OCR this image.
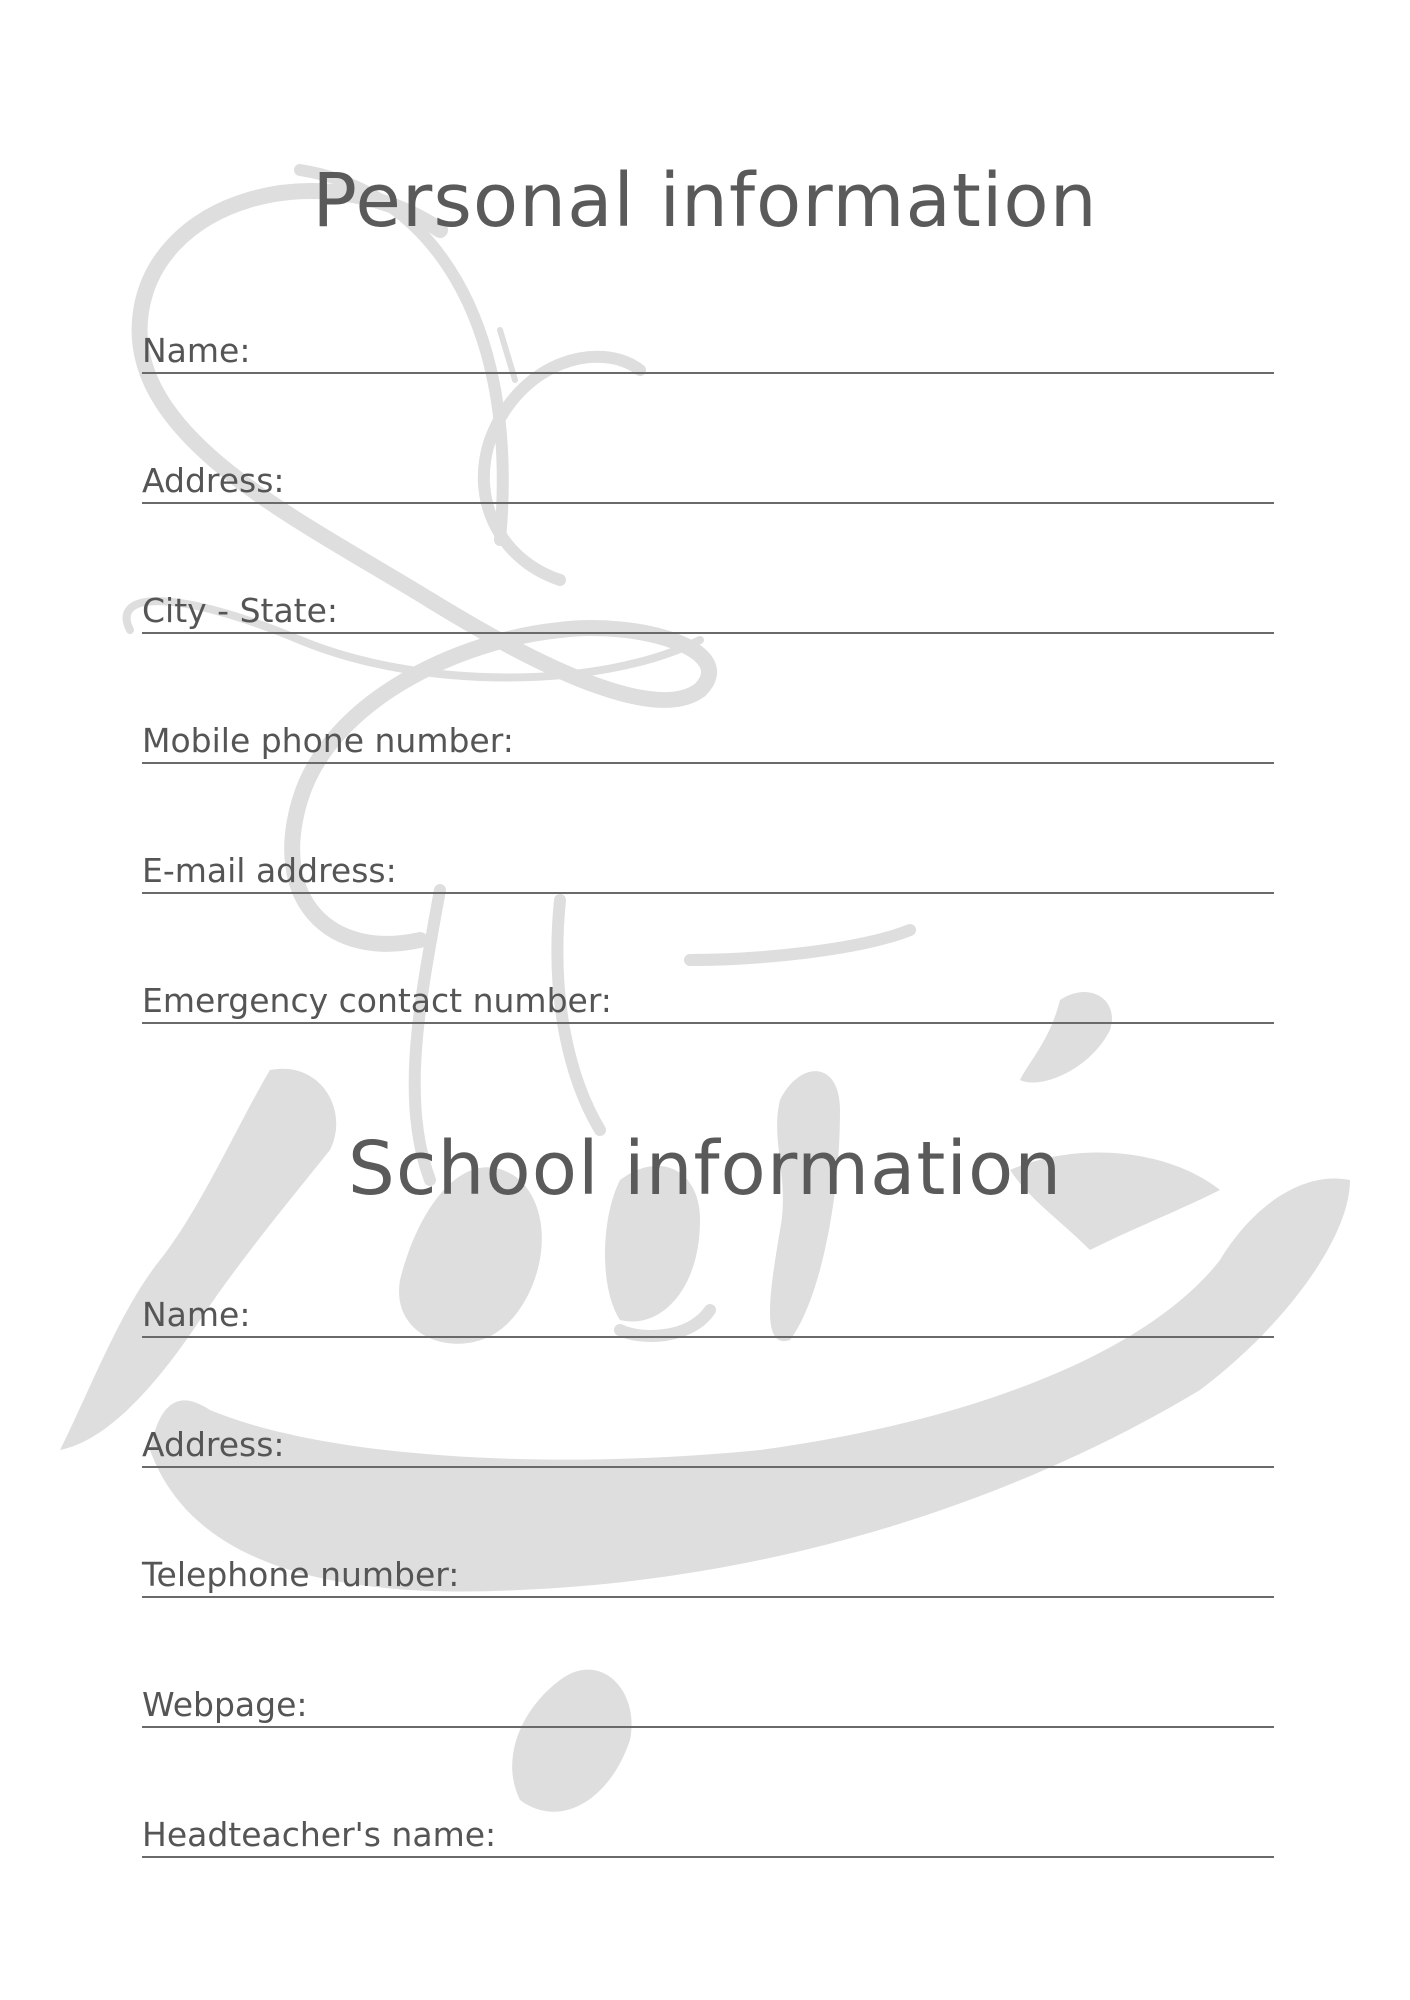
Personal information
Name:
Address:
City - State:
Mobile phone number:
E-mail address:
Emergency contact number:
School information
Name:
Address:
Telephone number:
Webpage:
Headteacher's name:
